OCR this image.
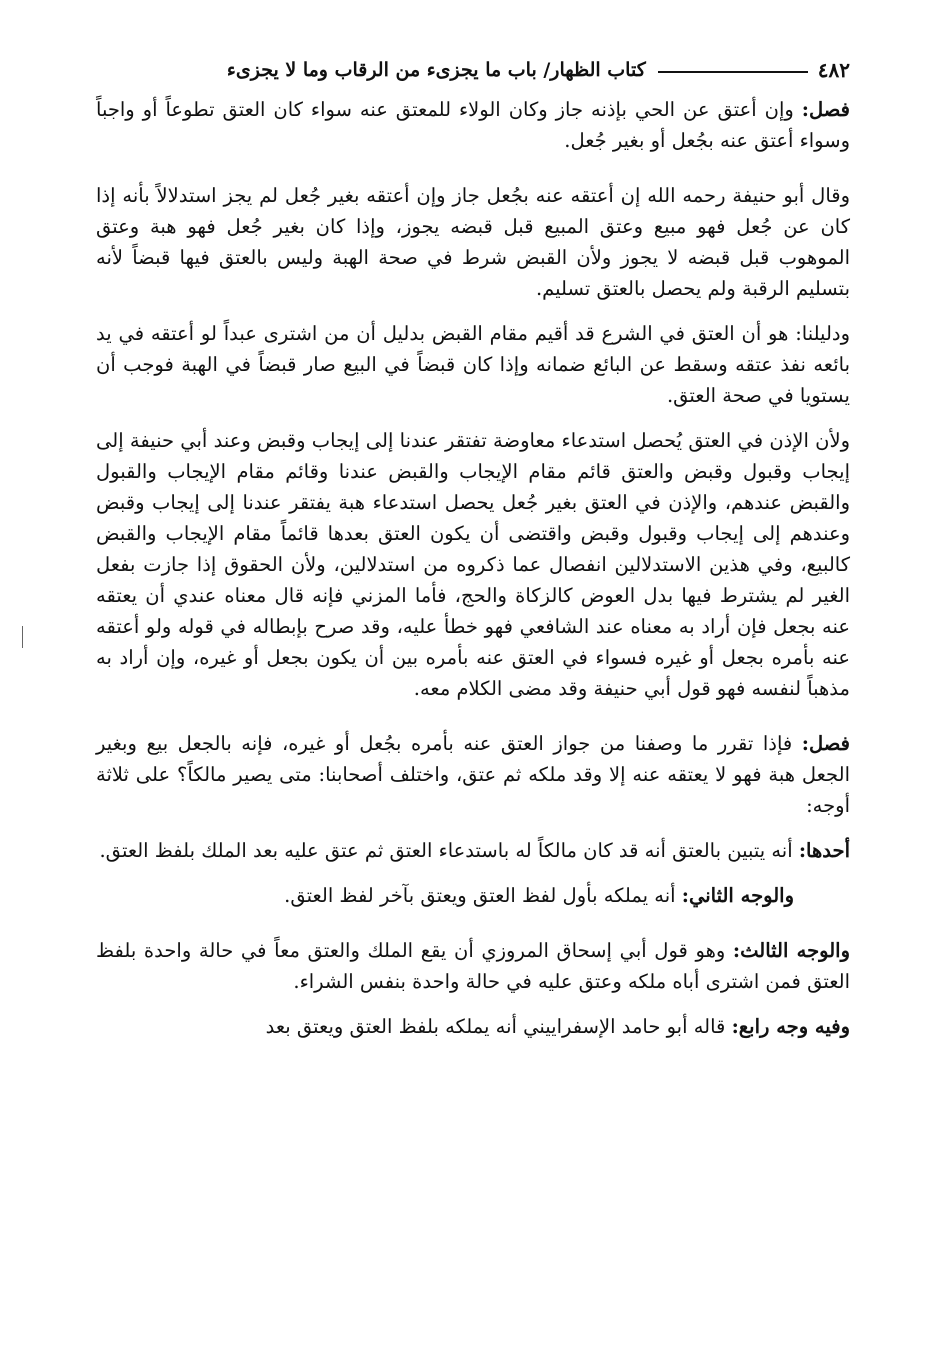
٤٨٢
كتاب الظهار/ باب ما يجزىء من الرقاب وما لا يجزىء

فصل: وإن أعتق عن الحي بإذنه جاز وكان الولاء للمعتق عنه سواء كان العتق تطوعاً أو واجباً وسواء أعتق عنه بجُعل أو بغير جُعل.

وقال أبو حنيفة رحمه الله إن أعتقه عنه بجُعل جاز وإن أعتقه بغير جُعل لم يجز استدلالاً بأنه إذا كان عن جُعل فهو مبيع وعتق المبيع قبل قبضه يجوز، وإذا كان بغير جُعل فهو هبة وعتق الموهوب قبل قبضه لا يجوز ولأن القبض شرط في صحة الهبة وليس بالعتق فيها قبضاً لأنه بتسليم الرقبة ولم يحصل بالعتق تسليم.

ودليلنا: هو أن العتق في الشرع قد أقيم مقام القبض بدليل أن من اشترى عبداً لو أعتقه في يد بائعه نفذ عتقه وسقط عن البائع ضمانه وإذا كان قبضاً في البيع صار قبضاً في الهبة فوجب أن يستويا في صحة العتق.

ولأن الإذن في العتق يُحصل استدعاء معاوضة تفتقر عندنا إلى إيجاب وقبض وعند أبي حنيفة إلى إيجاب وقبول وقبض والعتق قائم مقام الإيجاب والقبض عندنا وقائم مقام الإيجاب والقبول والقبض عندهم، والإذن في العتق بغير جُعل يحصل استدعاء هبة يفتقر عندنا إلى إيجاب وقبض وعندهم إلى إيجاب وقبول وقبض واقتضى أن يكون العتق بعدها قائماً مقام الإيجاب والقبض كالبيع، وفي هذين الاستدلالين انفصال عما ذكروه من استدلالين، ولأن الحقوق إذا جازت بفعل الغير لم يشترط فيها بدل العوض كالزكاة والحج، فأما المزني فإنه قال معناه عندي أن يعتقه عنه بجعل فإن أراد به معناه عند الشافعي فهو خطأ عليه، وقد صرح بإبطاله في قوله ولو أعتقه عنه بأمره بجعل أو غيره فسواء في العتق عنه بأمره بين أن يكون بجعل أو غيره، وإن أراد به مذهباً لنفسه فهو قول أبي حنيفة وقد مضى الكلام معه.

فصل: فإذا تقرر ما وصفنا من جواز العتق عنه بأمره بجُعل أو غيره، فإنه بالجعل بيع وبغير الجعل هبة فهو لا يعتقه عنه إلا وقد ملكه ثم عتق، واختلف أصحابنا: متى يصير مالكاً؟ على ثلاثة أوجه:

أحدها: أنه يتبين بالعتق أنه قد كان مالكاً له باستدعاء العتق ثم عتق عليه بعد الملك بلفظ العتق.

والوجه الثاني: أنه يملكه بأول لفظ العتق ويعتق بآخر لفظ العتق.

والوجه الثالث: وهو قول أبي إسحاق المروزي أن يقع الملك والعتق معاً في حالة واحدة بلفظ العتق فمن اشترى أباه ملكه وعتق عليه في حالة واحدة بنفس الشراء.

وفيه وجه رابع: قاله أبو حامد الإسفراييني أنه يملكه بلفظ العتق ويعتق بعد
